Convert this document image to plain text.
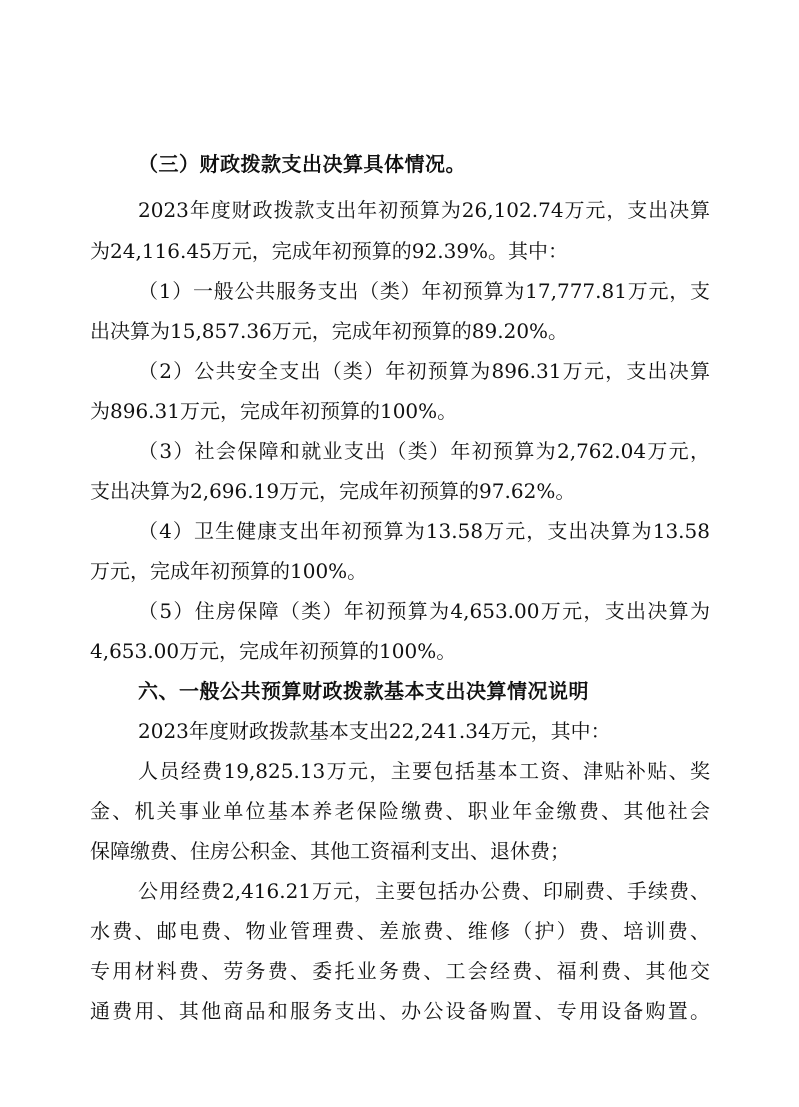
（三）财政拨款支出决算具体情况。
2023年度财政拨款支出年初预算为26,102.74万元，支出决算
为24,116.45万元，完成年初预算的92.39%。其中：
（1）一般公共服务支出（类）年初预算为17,777.81万元，支
出决算为15,857.36万元，完成年初预算的89.20%。
（2）公共安全支出（类）年初预算为896.31万元，支出决算
为896.31万元，完成年初预算的100%。
（3）社会保障和就业支出（类）年初预算为2,762.04万元，
支出决算为2,696.19万元，完成年初预算的97.62%。
（4）卫生健康支出年初预算为13.58万元，支出决算为13.58
万元，完成年初预算的100%。
（5）住房保障（类）年初预算为4,653.00万元，支出决算为
4,653.00万元，完成年初预算的100%。
六、一般公共预算财政拨款基本支出决算情况说明
2023年度财政拨款基本支出22,241.34万元，其中：
人员经费19,825.13万元，主要包括基本工资、津贴补贴、奖
金、机关事业单位基本养老保险缴费、职业年金缴费、其他社会
保障缴费、住房公积金、其他工资福利支出、退休费；
公用经费2,416.21万元，主要包括办公费、印刷费、手续费、
水费、邮电费、物业管理费、差旅费、维修（护）费、培训费、
专用材料费、劳务费、委托业务费、工会经费、福利费、其他交
通费用、其他商品和服务支出、办公设备购置、专用设备购置。
